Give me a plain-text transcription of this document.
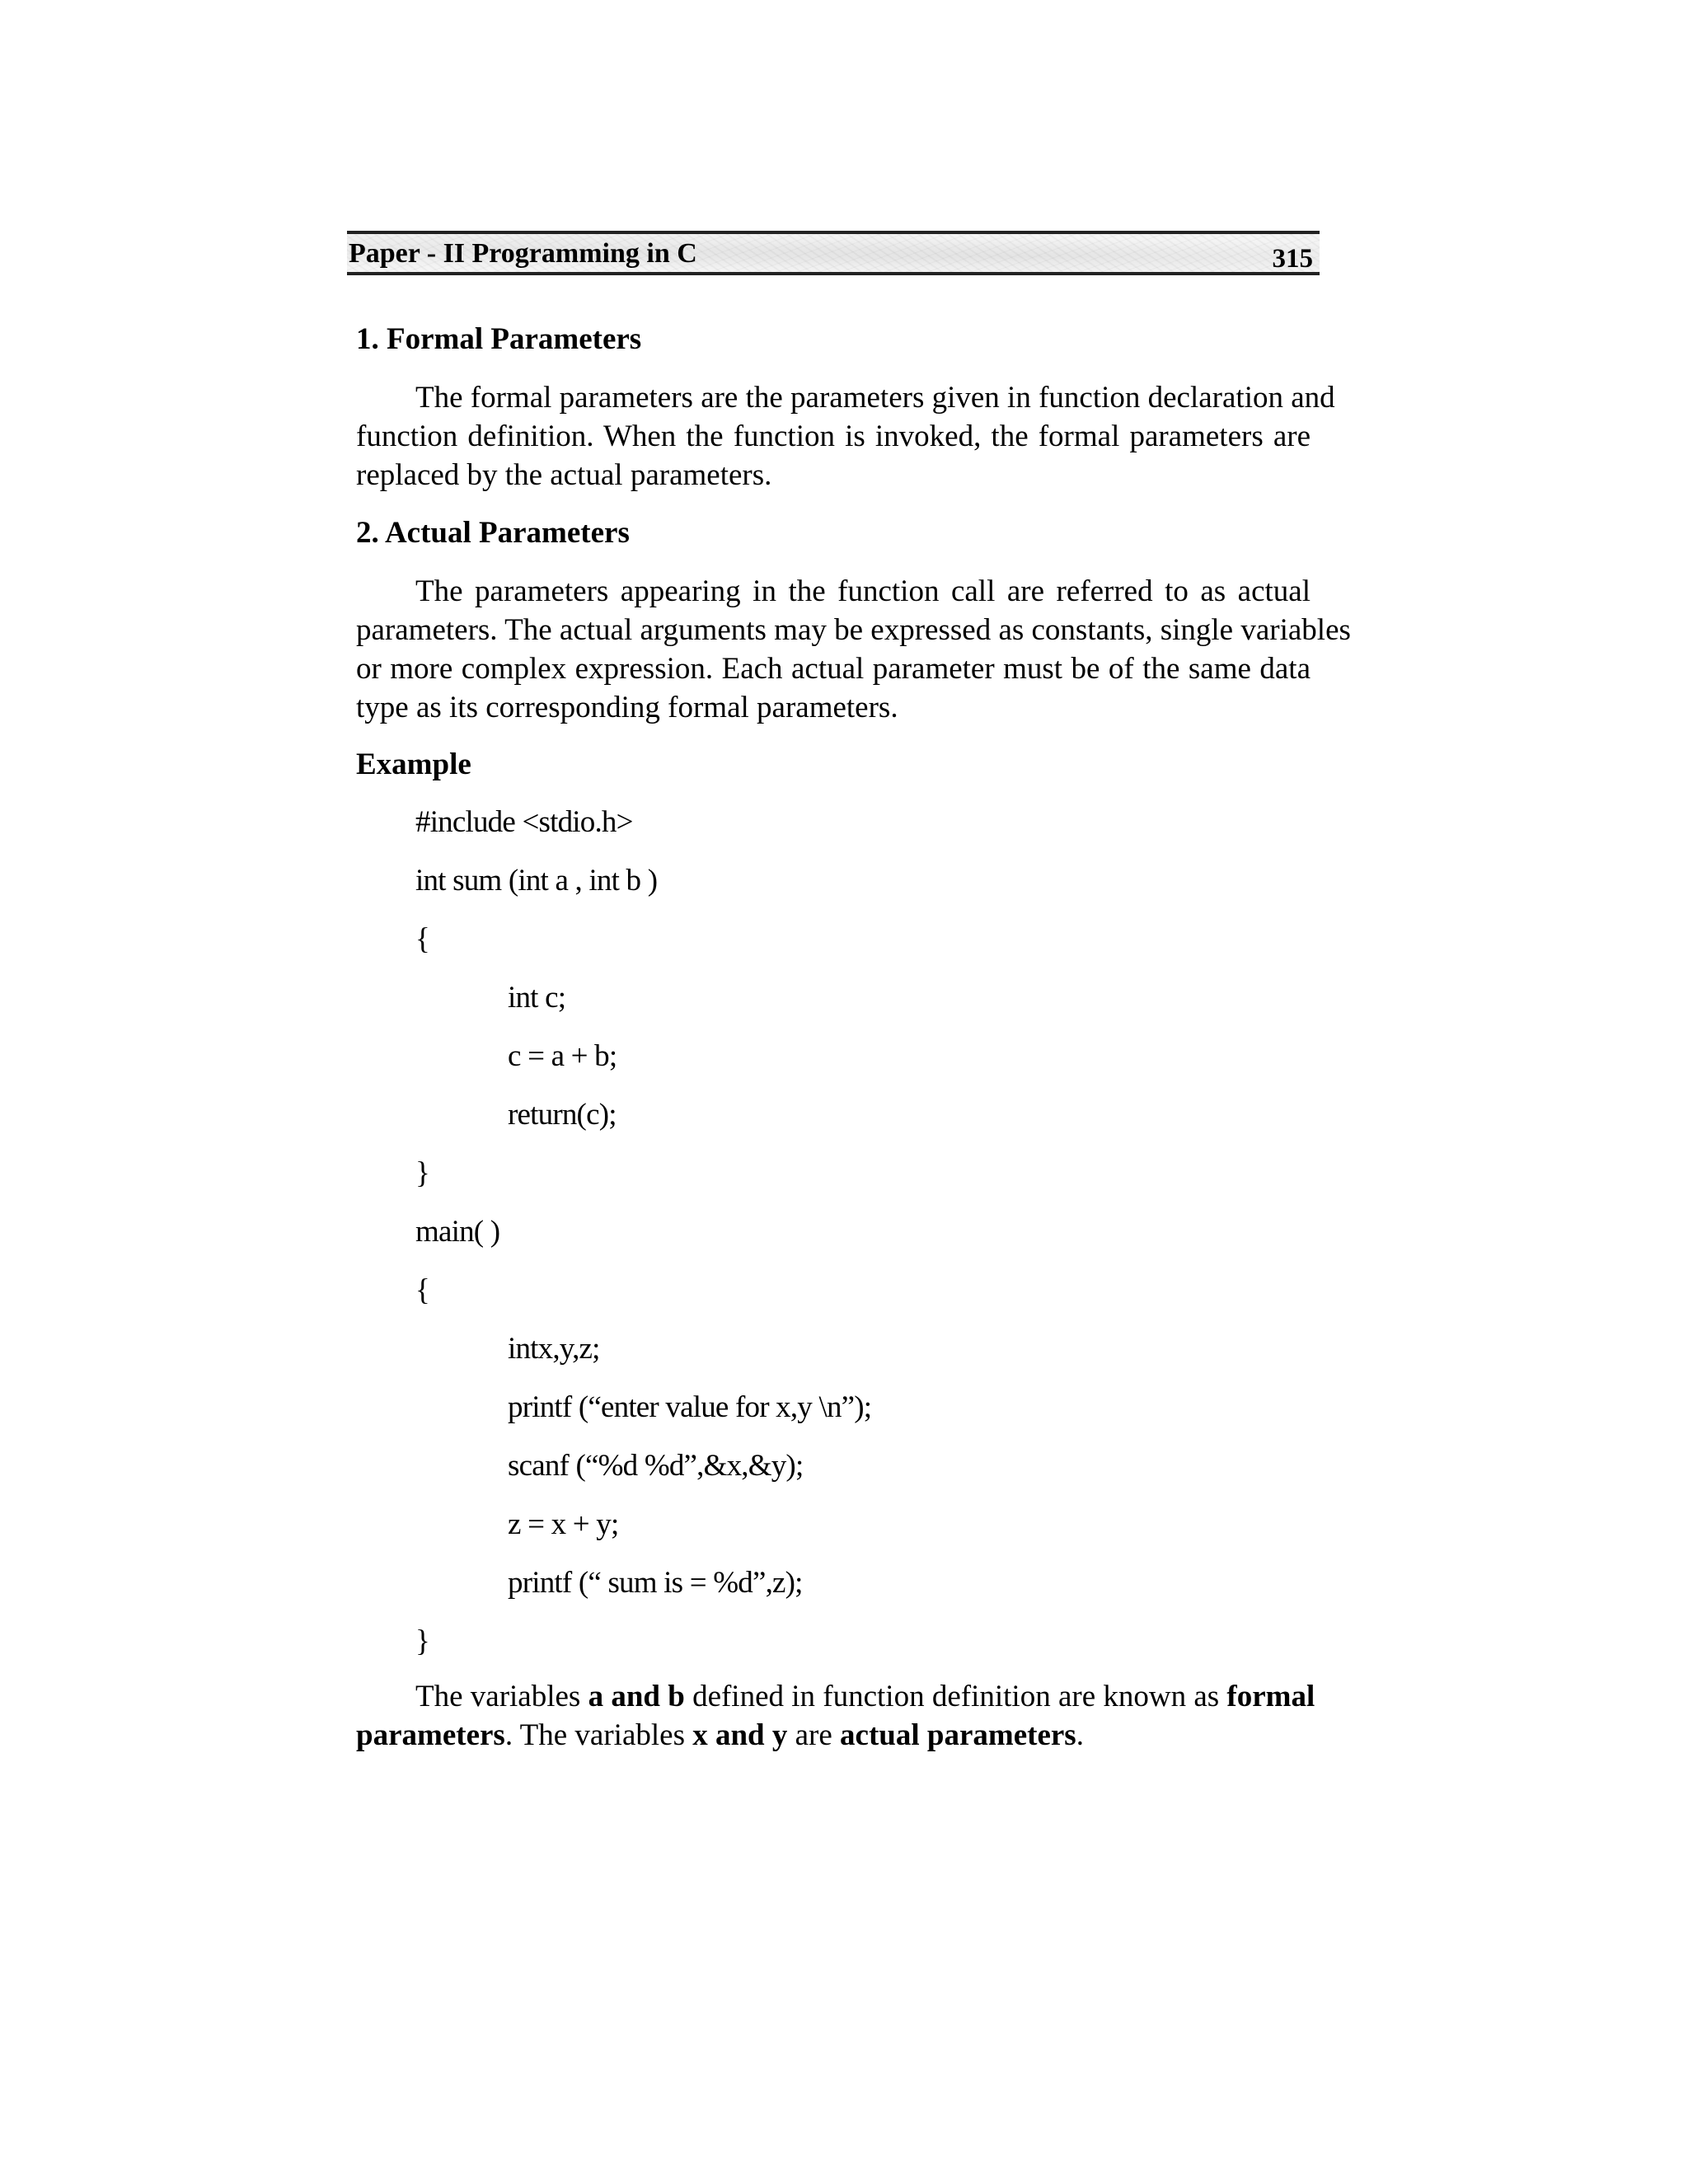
Paper - II Programming in C	315
1. Formal Parameters
The formal parameters are the parameters given in function declaration and
function definition. When the function is invoked, the formal parameters are
replaced by the actual parameters.
2. Actual Parameters
The parameters appearing in the function call are referred to as actual
parameters. The actual arguments may be expressed as constants, single variables
or more complex expression. Each actual parameter must be of the same data
type as its corresponding formal parameters.
Example
#include <stdio.h>
int sum (int a , int b )
{
int c;
c = a + b;
return(c);
}
main( )
{
intx,y,z;
printf (“enter value for x,y \n”);
scanf (“%d %d”,&x,&y);
z = x + y;
printf (“ sum is = %d”,z);
}
The variables a and b defined in function definition are known as formal
parameters. The variables x and y are actual parameters.
